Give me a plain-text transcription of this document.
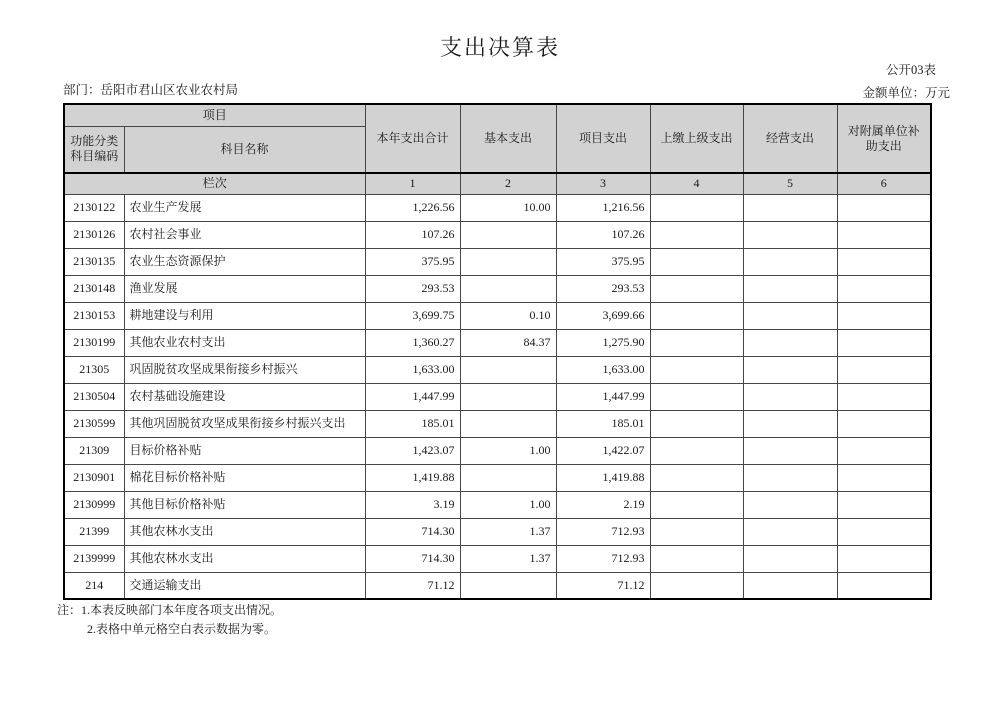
支出决算表
公开03表
部门：岳阳市君山区农业农村局	金额单位：万元
项目		本年支出合计	基本支出	项目支出	上缴上级支出	经营支出	对附属单位补助支出
功能分类科目编码	科目名称						
栏次		1	2	3	4	5	6
2130122	农业生产发展	1,226.56	10.00	1,216.56			
2130126	农村社会事业	107.26		107.26			
2130135	农业生态资源保护	375.95		375.95			
2130148	渔业发展	293.53		293.53			
2130153	耕地建设与利用	3,699.75	0.10	3,699.66			
2130199	其他农业农村支出	1,360.27	84.37	1,275.90			
21305	巩固脱贫攻坚成果衔接乡村振兴	1,633.00		1,633.00			
2130504	农村基础设施建设	1,447.99		1,447.99			
2130599	其他巩固脱贫攻坚成果衔接乡村振兴支出	185.01		185.01			
21309	目标价格补贴	1,423.07	1.00	1,422.07			
2130901	棉花目标价格补贴	1,419.88		1,419.88			
2130999	其他目标价格补贴	3.19	1.00	2.19			
21399	其他农林水支出	714.30	1.37	712.93			
2139999	其他农林水支出	714.30	1.37	712.93			
214	交通运输支出	71.12		71.12			
注：1.本表反映部门本年度各项支出情况。
2.表格中单元格空白表示数据为零。
